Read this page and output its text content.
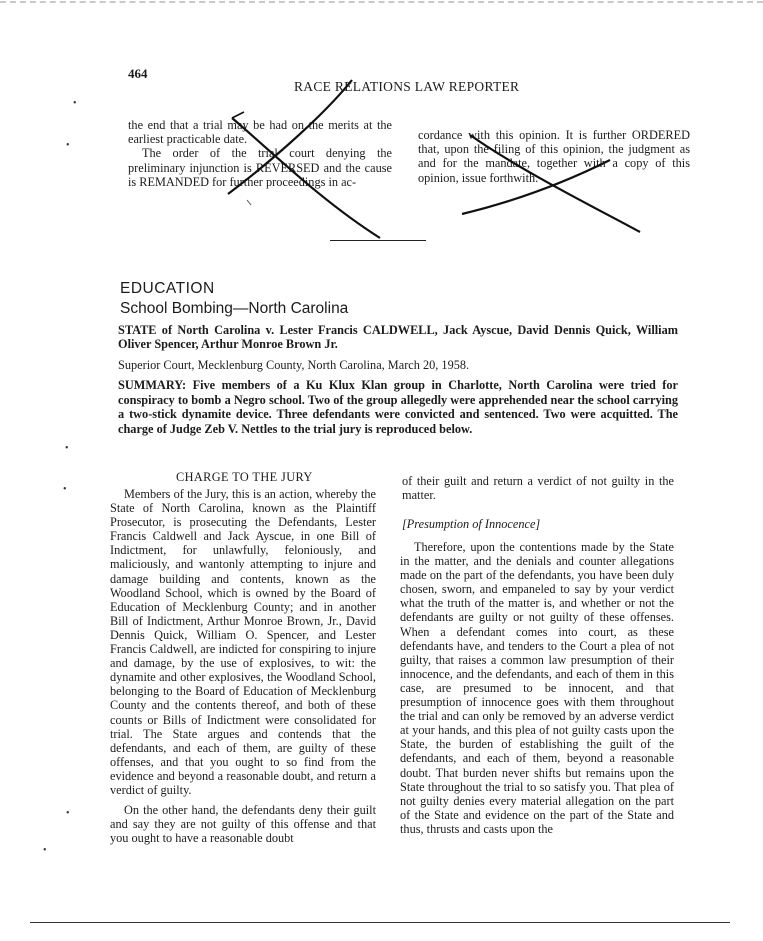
464
RACE RELATIONS LAW REPORTER

the end that a trial may be had on the merits at the earliest practicable date.

The order of the trial court denying the preliminary injunction is REVERSED and the cause is REMANDED for further proceedings in ac-

cordance with this opinion. It is further ORDERED that, upon the filing of this opinion, the judgment as and for the mandate, together with a copy of this opinion, issue forthwith.

EDUCATION
School Bombing—North Carolina
STATE of North Carolina v. Lester Francis CALDWELL, Jack Ayscue, David Dennis Quick, William Oliver Spencer, Arthur Monroe Brown Jr.
Superior Court, Mecklenburg County, North Carolina, March 20, 1958.
SUMMARY: Five members of a Ku Klux Klan group in Charlotte, North Carolina were tried for conspiracy to bomb a Negro school. Two of the group allegedly were apprehended near the school carrying a two-stick dynamite device. Three defendants were convicted and sentenced. Two were acquitted. The charge of Judge Zeb V. Nettles to the trial jury is reproduced below.
CHARGE TO THE JURY

Members of the Jury, this is an action, whereby the State of North Carolina, known as the Plaintiff Prosecutor, is prosecuting the Defendants, Lester Francis Caldwell and Jack Ayscue, in one Bill of Indictment, for unlawfully, feloniously, and maliciously, and wantonly attempting to injure and damage building and contents, known as the Woodland School, which is owned by the Board of Education of Mecklenburg County; and in another Bill of Indictment, Arthur Monroe Brown, Jr., David Dennis Quick, William O. Spencer, and Lester Francis Caldwell, are indicted for conspiring to injure and damage, by the use of explosives, to wit: the dynamite and other explosives, the Woodland School, belonging to the Board of Education of Mecklenburg County and the contents thereof, and both of these counts or Bills of Indictment were consolidated for trial. The State argues and contends that the defendants, and each of them, are guilty of these offenses, and that you ought to so find from the evidence and beyond a reasonable doubt, and return a verdict of guilty.

On the other hand, the defendants deny their guilt and say they are not guilty of this offense and that you ought to have a reasonable doubt

of their guilt and return a verdict of not guilty in the matter.

[Presumption of Innocence]

Therefore, upon the contentions made by the State in the matter, and the denials and counter allegations made on the part of the defendants, you have been duly chosen, sworn, and empaneled to say by your verdict what the truth of the matter is, and whether or not the defendants are guilty or not guilty of these offenses. When a defendant comes into court, as these defendants have, and tenders to the Court a plea of not guilty, that raises a common law presumption of their innocence, and the defendants, and each of them in this case, are presumed to be innocent, and that presumption of innocence goes with them throughout the trial and can only be removed by an adverse verdict at your hands, and this plea of not guilty casts upon the State, the burden of establishing the guilt of the defendants, and each of them, beyond a reasonable doubt. That burden never shifts but remains upon the State throughout the trial to so satisfy you. That plea of not guilty denies every material allegation on the part of the State and evidence on the part of the State and thus, thrusts and casts upon the

•
•
•
•
•
•
